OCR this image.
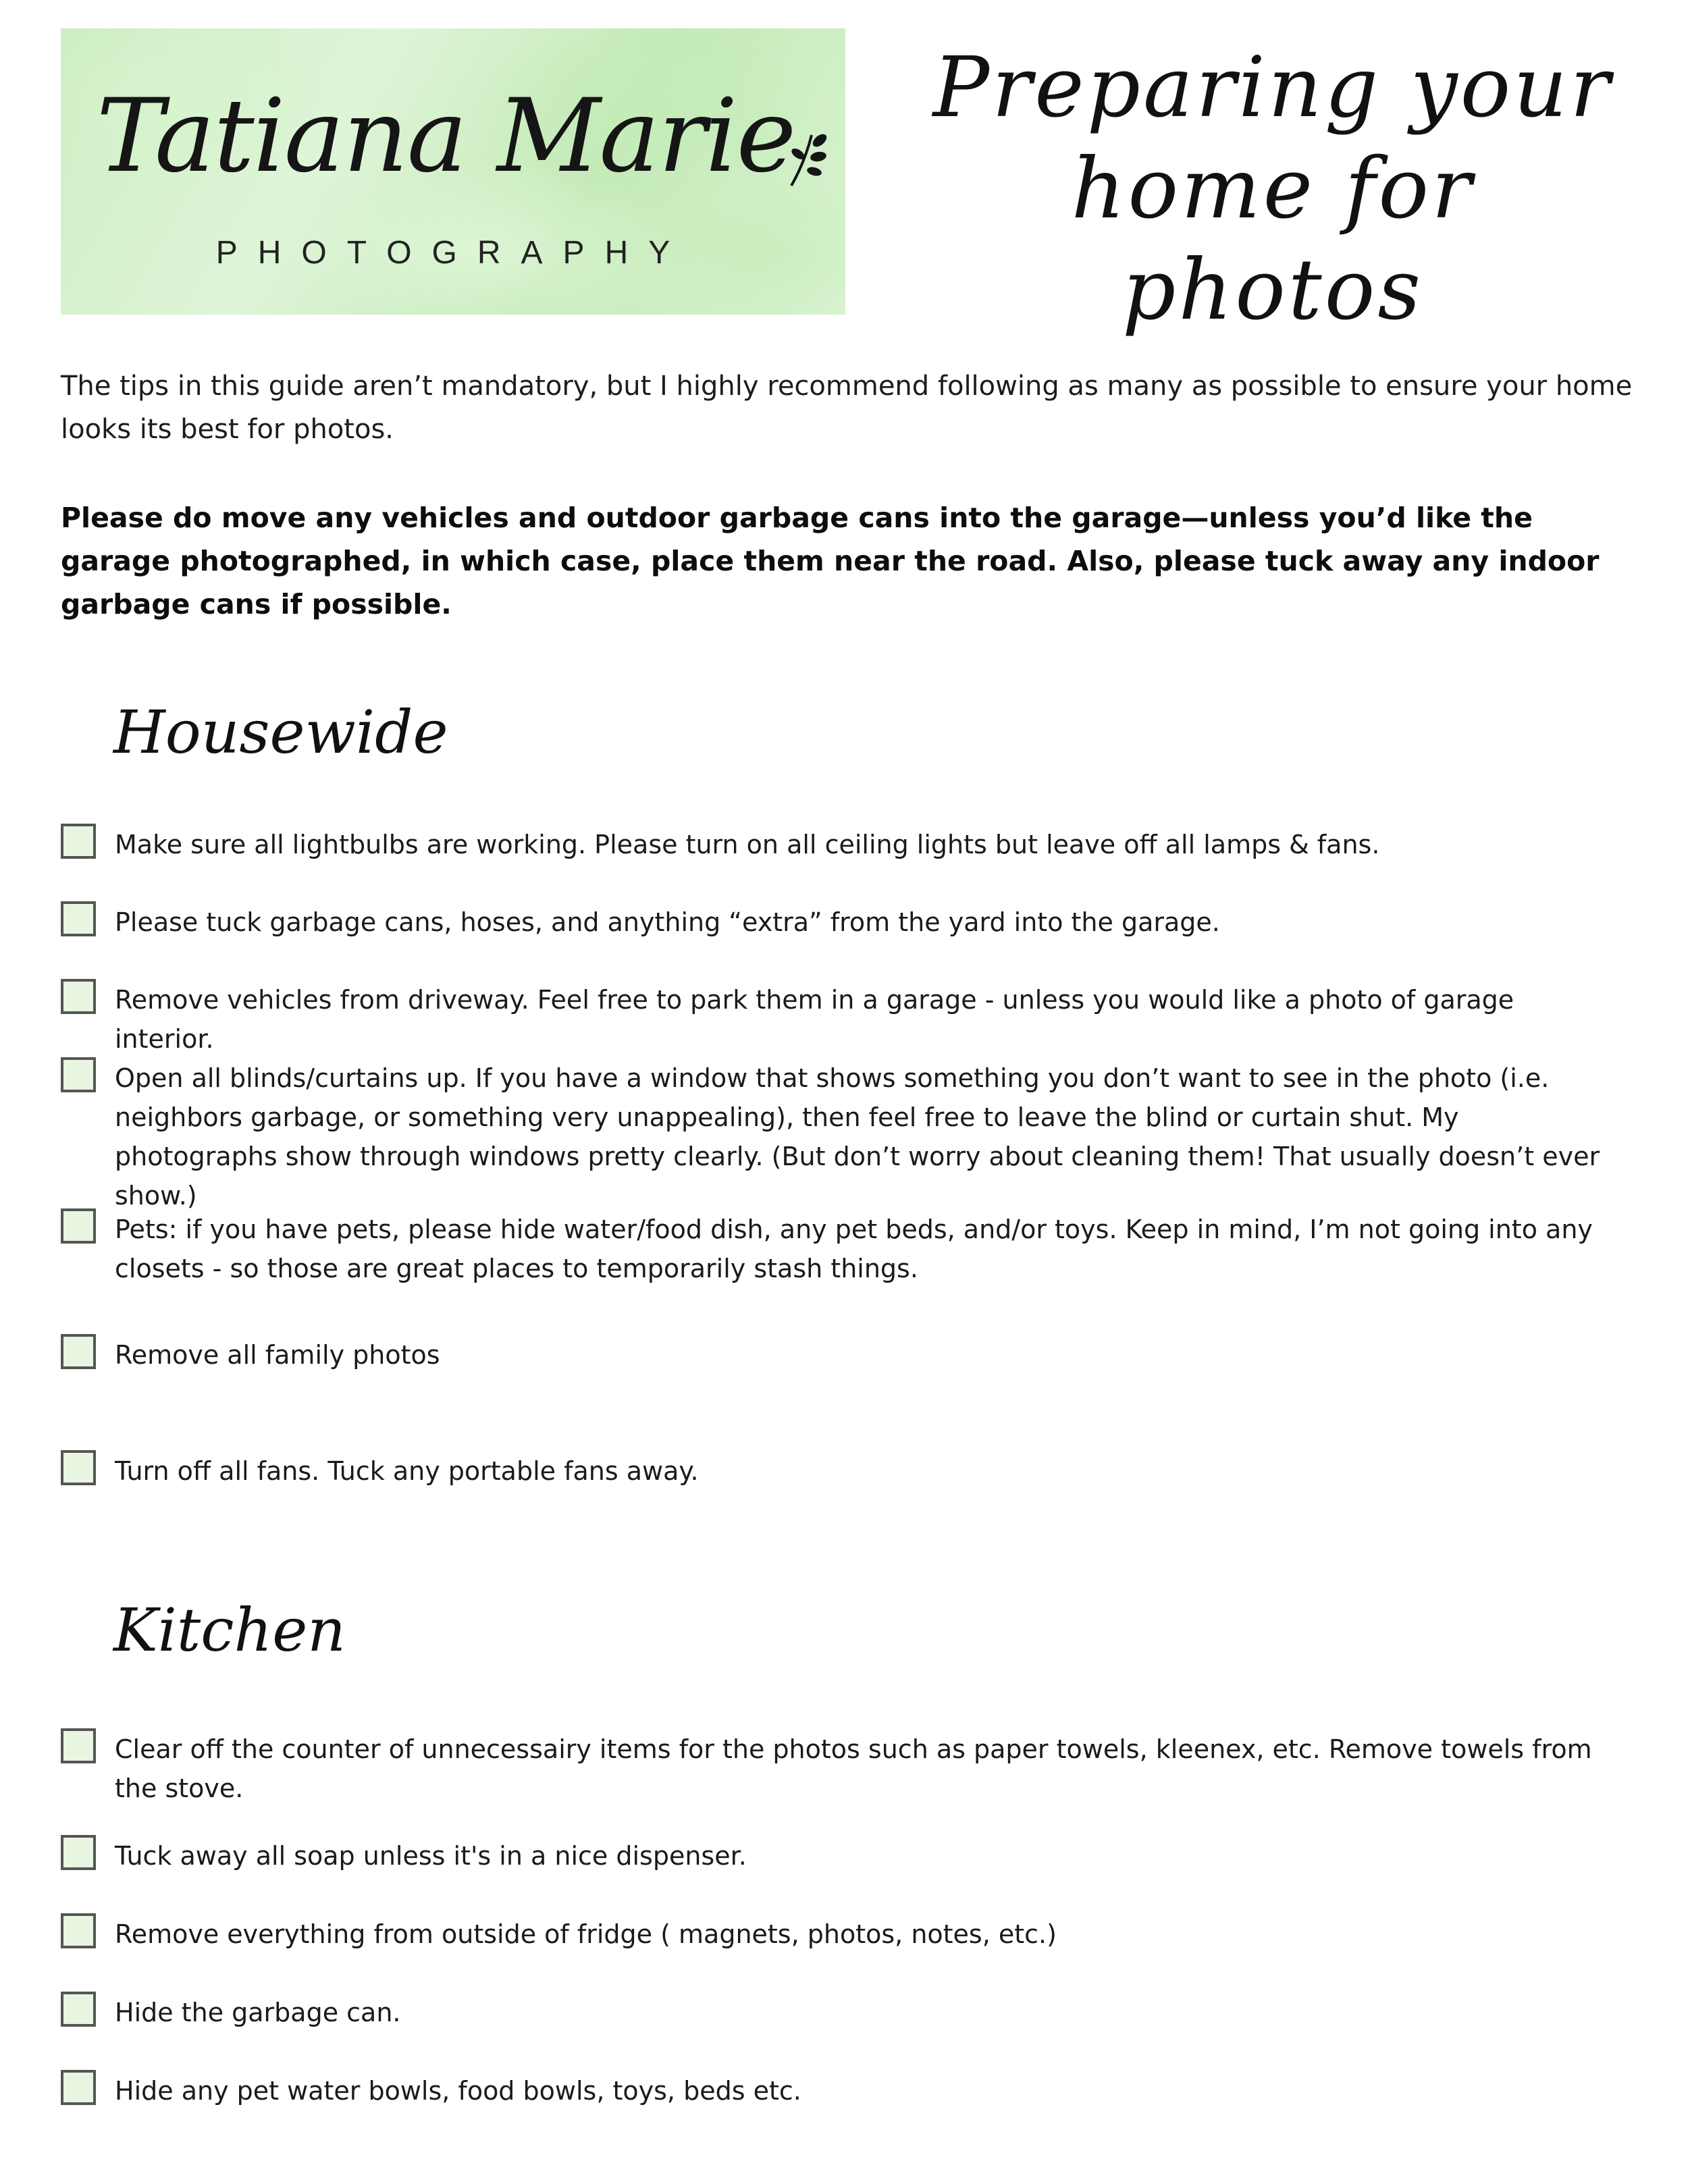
Tatiana Marie
PHOTOGRAPHY
Preparing your
home for photos
The tips in this guide aren’t mandatory, but I highly recommend following as many as possible to ensure your home looks its best for photos.
Please do move any vehicles and outdoor garbage cans into the garage—unless you’d like the garage photographed, in which case, place them near the road. Also, please tuck away any indoor garbage cans if possible.
Housewide
Make sure all lightbulbs are working. Please turn on all ceiling lights but leave off all lamps & fans.
Please tuck garbage cans, hoses, and anything “extra” from the yard into the garage.
Remove vehicles from driveway. Feel free to park them in a garage - unless you would like a photo of garage interior.
Open all blinds/curtains up. If you have a window that shows something you don’t want to see in the photo (i.e. neighbors garbage, or something very unappealing), then feel free to leave the blind or curtain shut. My photographs show through windows pretty clearly. (But don’t worry about cleaning them! That usually doesn’t ever show.)
Pets: if you have pets, please hide water/food dish, any pet beds, and/or toys. Keep in mind, I’m not going into any closets - so those are great places to temporarily stash things.
Remove all family photos
Turn off all fans. Tuck any portable fans away.
Kitchen
Clear off the counter of unnecessairy items for the photos such as paper towels, kleenex, etc. Remove towels from the stove.
Tuck away all soap unless it's in a nice dispenser.
Remove everything from outside of fridge ( magnets, photos, notes, etc.)
Hide the garbage can.
Hide any pet water bowls, food bowls, toys, beds etc.
